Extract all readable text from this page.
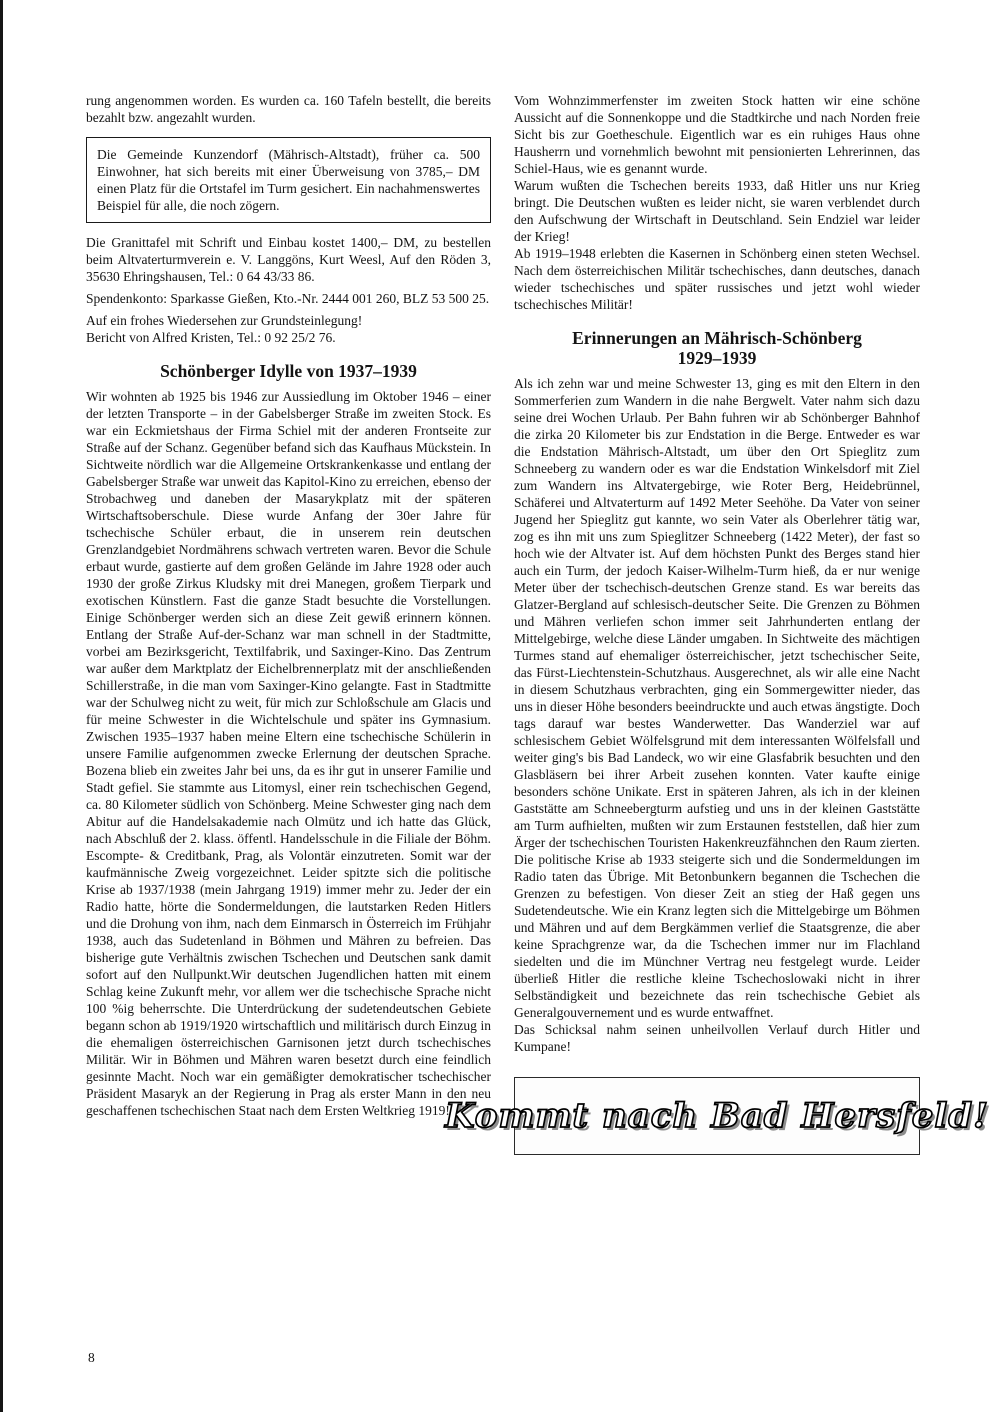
rung angenommen worden. Es wurden ca. 160 Tafeln bestellt, die bereits bezahlt bzw. angezahlt wurden.

Die Gemeinde Kunzendorf (Mährisch-Altstadt), früher ca. 500 Einwohner, hat sich bereits mit einer Überweisung von 3785,– DM einen Platz für die Ortstafel im Turm gesichert. Ein nachahmenswertes Beispiel für alle, die noch zögern.

Die Granittafel mit Schrift und Einbau kostet 1400,– DM, zu bestellen beim Altvaterturmverein e. V. Langgöns, Kurt Weesl, Auf den Röden 3, 35630 Ehringshausen, Tel.: 0 64 43/33 86.

Spendenkonto: Sparkasse Gießen, Kto.-Nr. 2444 001 260, BLZ 53 500 25.

Auf ein frohes Wiedersehen zur Grundsteinlegung!
Bericht von Alfred Kristen, Tel.: 0 92 25/2 76.

Schönberger Idylle von 1937–1939

Wir wohnten ab 1925 bis 1946 zur Aussiedlung im Oktober 1946 – einer der letzten Transporte – in der Gabelsberger Straße im zweiten Stock. Es war ein Eckmietshaus der Firma Schiel mit der anderen Frontseite zur Straße auf der Schanz. Gegenüber befand sich das Kaufhaus Mückstein. In Sichtweite nördlich war die Allgemeine Ortskrankenkasse und entlang der Gabelsberger Straße war unweit das Kapitol-Kino zu erreichen, ebenso der Strobachweg und daneben der Masarykplatz mit der späteren Wirtschaftsoberschule. Diese wurde Anfang der 30er Jahre für tschechische Schüler erbaut, die in unserem rein deutschen Grenzlandgebiet Nordmährens schwach vertreten waren. Bevor die Schule erbaut wurde, gastierte auf dem großen Gelände im Jahre 1928 oder auch 1930 der große Zirkus Kludsky mit drei Manegen, großem Tierpark und exotischen Künstlern. Fast die ganze Stadt besuchte die Vorstellungen. Einige Schönberger werden sich an diese Zeit gewiß erinnern können. Entlang der Straße Auf-der-Schanz war man schnell in der Stadtmitte, vorbei am Bezirksgericht, Textilfabrik, und Saxinger-Kino. Das Zentrum war außer dem Marktplatz der Eichelbrennerplatz mit der anschließenden Schillerstraße, in die man vom Saxinger-Kino gelangte. Fast in Stadtmitte war der Schulweg nicht zu weit, für mich zur Schloßschule am Glacis und für meine Schwester in die Wichtelschule und später ins Gymnasium. Zwischen 1935–1937 haben meine Eltern eine tschechische Schülerin in unsere Familie aufgenommen zwecke Erlernung der deutschen Sprache. Bozena blieb ein zweites Jahr bei uns, da es ihr gut in unserer Familie und Stadt gefiel. Sie stammte aus Litomysl, einer rein tschechischen Gegend, ca. 80 Kilometer südlich von Schönberg. Meine Schwester ging nach dem Abitur auf die Handelsakademie nach Olmütz und ich hatte das Glück, nach Abschluß der 2. klass. öffentl. Handelsschule in die Filiale der Böhm. Escompte- & Creditbank, Prag, als Volontär einzutreten. Somit war der kaufmännische Zweig vorgezeichnet. Leider spitzte sich die politische Krise ab 1937/1938 (mein Jahrgang 1919) immer mehr zu. Jeder der ein Radio hatte, hörte die Sondermeldungen, die lautstarken Reden Hitlers und die Drohung von ihm, nach dem Einmarsch in Österreich im Frühjahr 1938, auch das Sudetenland in Böhmen und Mähren zu befreien. Das bisherige gute Verhältnis zwischen Tschechen und Deutschen sank damit sofort auf den Nullpunkt.Wir deutschen Jugendlichen hatten mit einem Schlag keine Zukunft mehr, vor allem wer die tschechische Sprache nicht 100 %ig beherrschte. Die Unterdrückung der sudetendeutschen Gebiete begann schon ab 1919/1920 wirtschaftlich und militärisch durch Einzug in die ehemaligen österreichischen Garnisonen jetzt durch tschechisches Militär. Wir in Böhmen und Mähren waren besetzt durch eine feindlich gesinnte Macht. Noch war ein gemäßigter demokratischer tschechischer Präsident Masaryk an der Regierung in Prag als erster Mann in den neu geschaffenen tschechischen Staat nach dem Ersten Weltkrieg 1919!

Vom Wohnzimmerfenster im zweiten Stock hatten wir eine schöne Aussicht auf die Sonnenkoppe und die Stadtkirche und nach Norden freie Sicht bis zur Goetheschule. Eigentlich war es ein ruhiges Haus ohne Hausherrn und vornehmlich bewohnt mit pensionierten Lehrerinnen, das Schiel-Haus, wie es genannt wurde.

Warum wußten die Tschechen bereits 1933, daß Hitler uns nur Krieg bringt. Die Deutschen wußten es leider nicht, sie waren verblendet durch den Aufschwung der Wirtschaft in Deutschland. Sein Endziel war leider der Krieg!

Ab 1919–1948 erlebten die Kasernen in Schönberg einen steten Wechsel. Nach dem österreichischen Militär tschechisches, dann deutsches, danach wieder tschechisches und später russisches und jetzt wohl wieder tschechisches Militär!

Erinnerungen an Mährisch-Schönberg
1929–1939

Als ich zehn war und meine Schwester 13, ging es mit den Eltern in den Sommerferien zum Wandern in die nahe Bergwelt. Vater nahm sich dazu seine drei Wochen Urlaub. Per Bahn fuhren wir ab Schönberger Bahnhof die zirka 20 Kilometer bis zur Endstation in die Berge. Entweder es war die Endstation Mährisch-Altstadt, um über den Ort Spieglitz zum Schneeberg zu wandern oder es war die Endstation Winkelsdorf mit Ziel zum Wandern ins Altvatergebirge, wie Roter Berg, Heidebrünnel, Schäferei und Altvaterturm auf 1492 Meter Seehöhe. Da Vater von seiner Jugend her Spieglitz gut kannte, wo sein Vater als Oberlehrer tätig war, zog es ihn mit uns zum Spieglitzer Schneeberg (1422 Meter), der fast so hoch wie der Altvater ist. Auf dem höchsten Punkt des Berges stand hier auch ein Turm, der jedoch Kaiser-Wilhelm-Turm hieß, da er nur wenige Meter über der tschechisch-deutschen Grenze stand. Es war bereits das Glatzer-Bergland auf schlesisch-deutscher Seite. Die Grenzen zu Böhmen und Mähren verliefen schon immer seit Jahrhunderten entlang der Mittelgebirge, welche diese Länder umgaben. In Sichtweite des mächtigen Turmes stand auf ehemaliger österreichischer, jetzt tschechischer Seite, das Fürst-Liechtenstein-Schutzhaus. Ausgerechnet, als wir alle eine Nacht in diesem Schutzhaus verbrachten, ging ein Sommergewitter nieder, das uns in dieser Höhe besonders beeindruckte und auch etwas ängstigte. Doch tags darauf war bestes Wanderwetter. Das Wanderziel war auf schlesischem Gebiet Wölfelsgrund mit dem interessanten Wölfelsfall und weiter ging's bis Bad Landeck, wo wir eine Glasfabrik besuchten und den Glasbläsern bei ihrer Arbeit zusehen konnten. Vater kaufte einige besonders schöne Unikate. Erst in späteren Jahren, als ich in der kleinen Gaststätte am Schneebergturm aufstieg und uns in der kleinen Gaststätte am Turm aufhielten, mußten wir zum Erstaunen feststellen, daß hier zum Ärger der tschechischen Touristen Hakenkreuzfähnchen den Raum zierten. Die politische Krise ab 1933 steigerte sich und die Sondermeldungen im Radio taten das Übrige. Mit Betonbunkern begannen die Tschechen die Grenzen zu befestigen. Von dieser Zeit an stieg der Haß gegen uns Sudetendeutsche. Wie ein Kranz legten sich die Mittelgebirge um Böhmen und Mähren und auf dem Bergkämmen verlief die Staatsgrenze, die aber keine Sprachgrenze war, da die Tschechen immer nur im Flachland siedelten und die im Münchner Vertrag neu festgelegt wurde. Leider überließ Hitler die restliche kleine Tschechoslowaki nicht in ihrer Selbständigkeit und bezeichnete das rein tschechische Gebiet als Generalgouvernement und es wurde entwaffnet.

Das Schicksal nahm seinen unheilvollen Verlauf durch Hitler und Kumpane!

Kommt nach Bad Hersfeld!
8
